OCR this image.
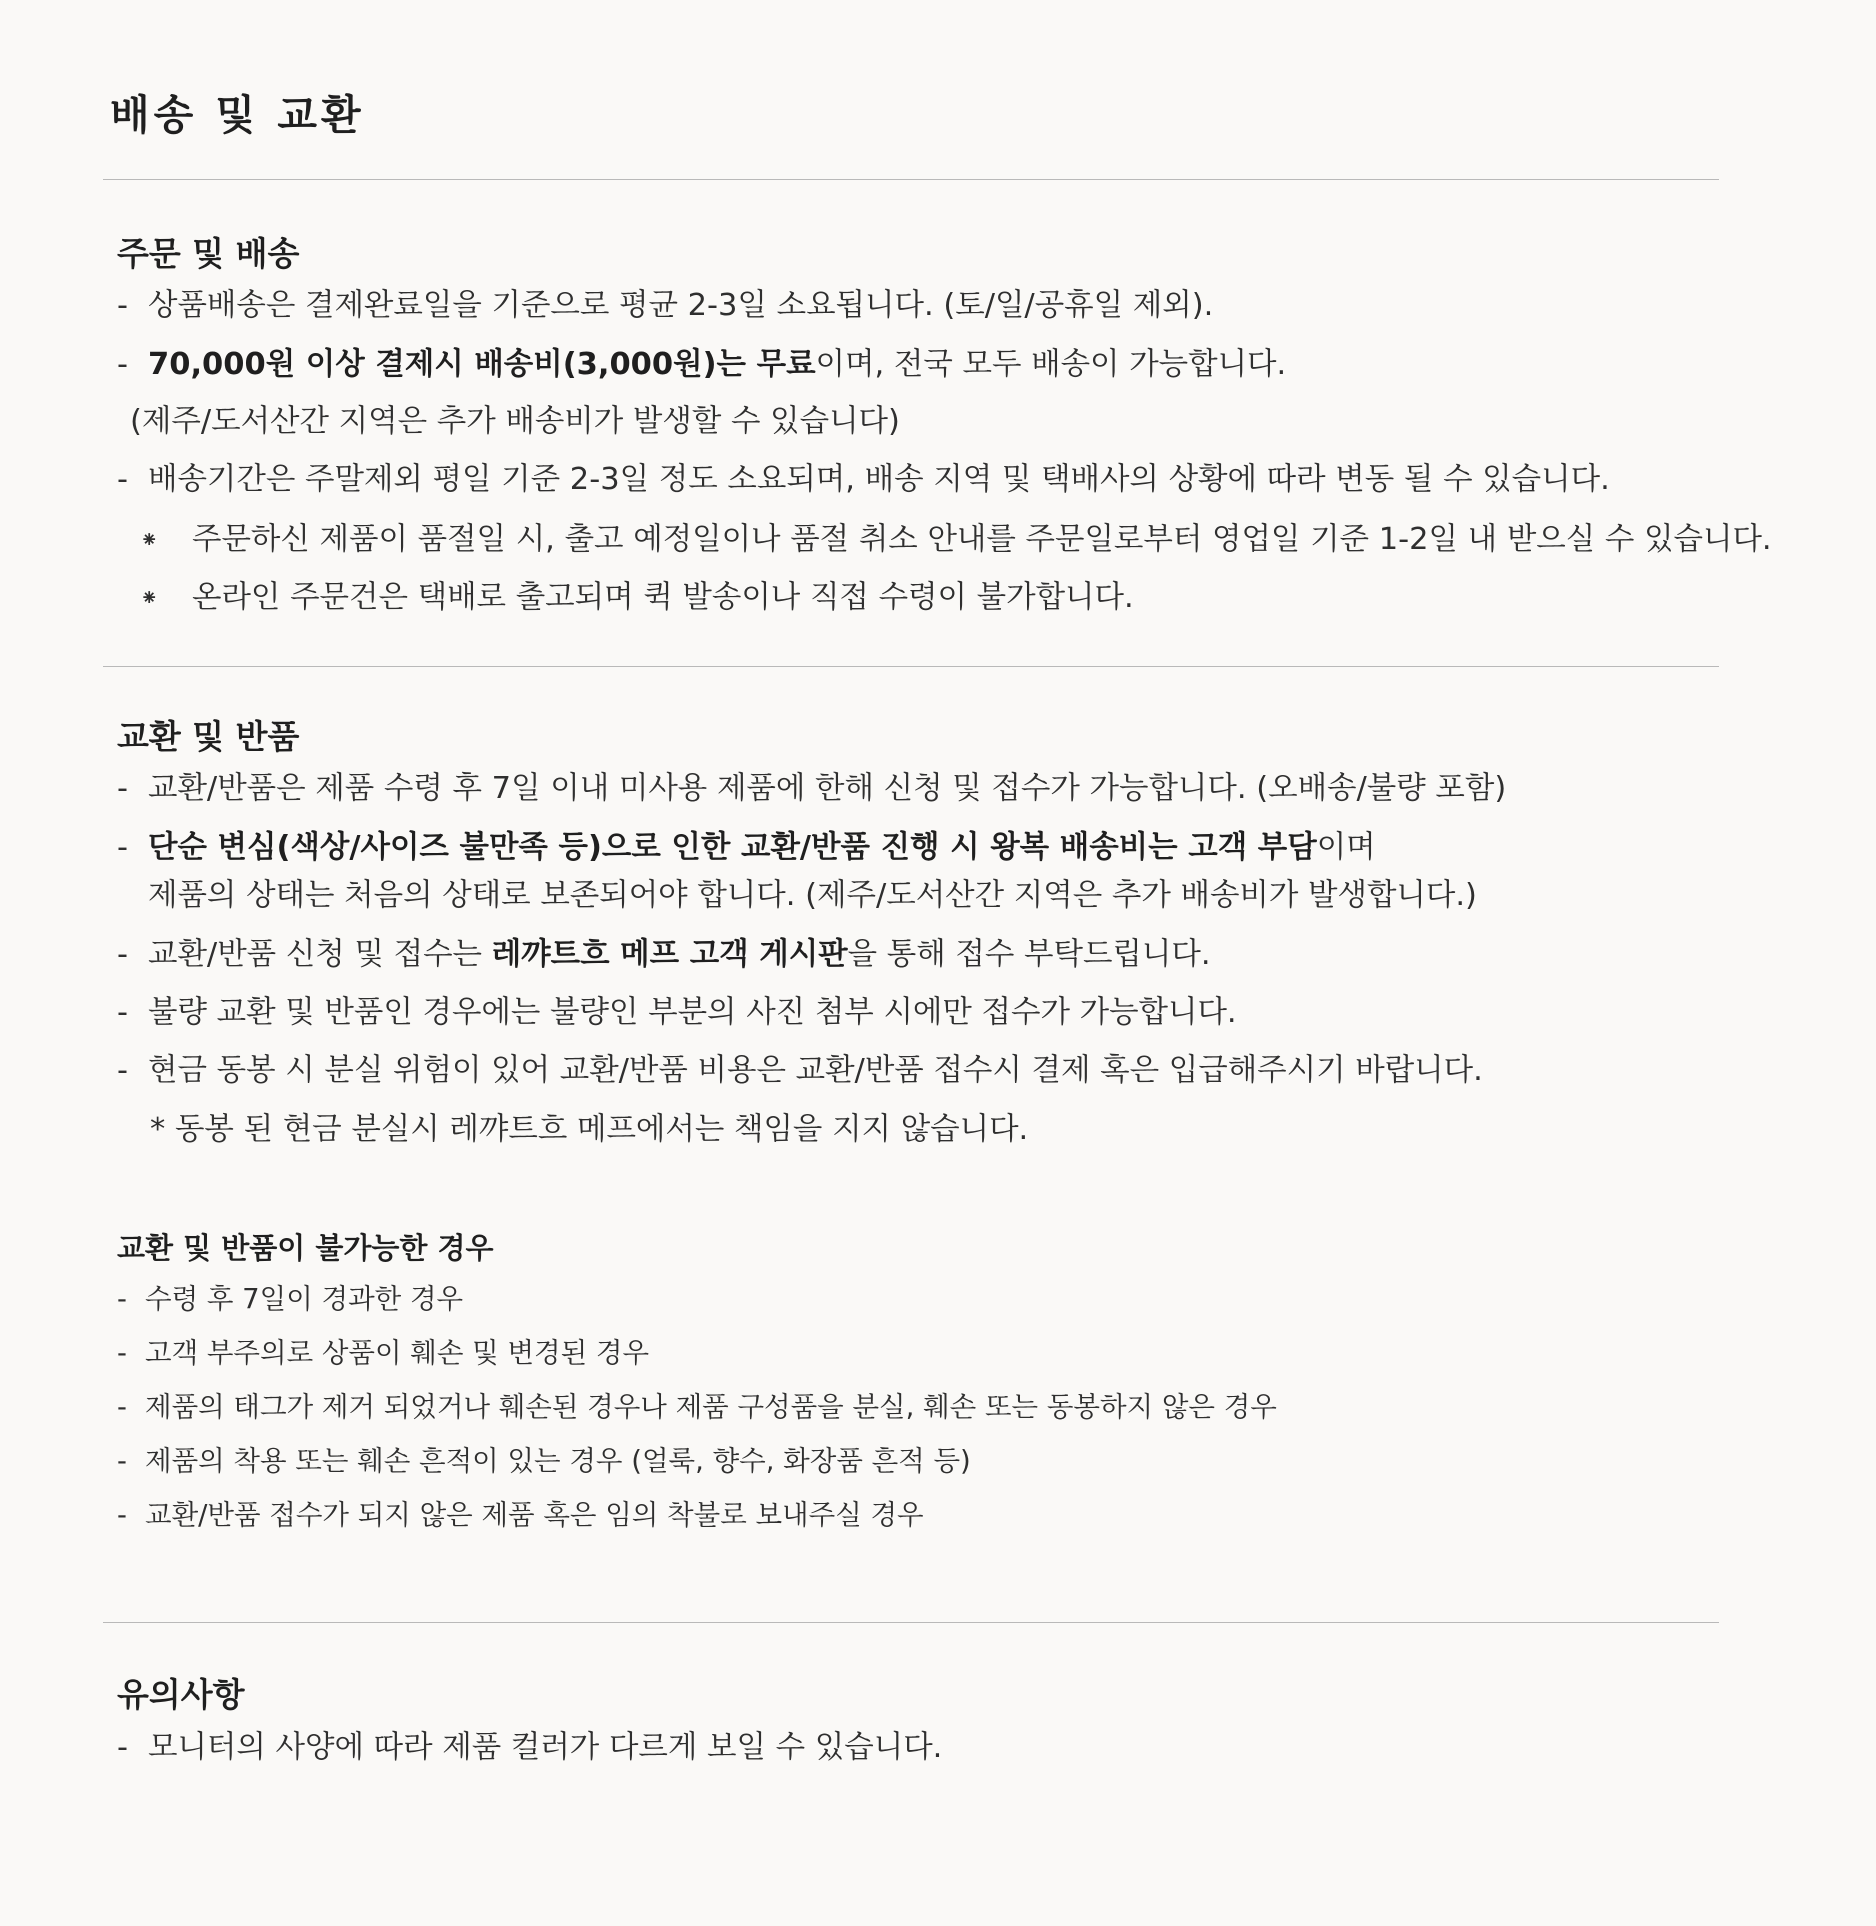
배송 및 교환
주문 및 배송

- 상품배송은 결제완료일을 기준으로 평균 2-3일 소요됩니다. (토/일/공휴일 제외).

- 70,000원 이상 결제시 배송비(3,000원)는 무료이며, 전국 모두 배송이 가능합니다.

(제주/도서산간 지역은 추가 배송비가 발생할 수 있습니다)

- 배송기간은 주말제외 평일 기준 2-3일 정도 소요되며, 배송 지역 및 택배사의 상황에 따라 변동 될 수 있습니다.

⁕ 주문하신 제품이 품절일 시, 출고 예정일이나 품절 취소 안내를 주문일로부터 영업일 기준 1-2일 내 받으실 수 있습니다.

⁕ 온라인 주문건은 택배로 출고되며 퀵 발송이나 직접 수령이 불가합니다.

교환 및 반품

- 교환/반품은 제품 수령 후 7일 이내 미사용 제품에 한해 신청 및 접수가 가능합니다. (오배송/불량 포함)

- 단순 변심(색상/사이즈 불만족 등)으로 인한 교환/반품 진행 시 왕복 배송비는 고객 부담이며

제품의 상태는 처음의 상태로 보존되어야 합니다. (제주/도서산간 지역은 추가 배송비가 발생합니다.)

- 교환/반품 신청 및 접수는 레꺄트흐 메프 고객 게시판을 통해 접수 부탁드립니다.

- 불량 교환 및 반품인 경우에는 불량인 부분의 사진 첨부 시에만 접수가 가능합니다.

- 현금 동봉 시 분실 위험이 있어 교환/반품 비용은 교환/반품 접수시 결제 혹은 입급해주시기 바랍니다.

* 동봉 된 현금 분실시 레꺄트흐 메프에서는 책임을 지지 않습니다.

교환 및 반품이 불가능한 경우

- 수령 후 7일이 경과한 경우

- 고객 부주의로 상품이 훼손 및 변경된 경우

- 제품의 태그가 제거 되었거나 훼손된 경우나 제품 구성품을 분실, 훼손 또는 동봉하지 않은 경우

- 제품의 착용 또는 훼손 흔적이 있는 경우 (얼룩, 향수, 화장품 흔적 등)

- 교환/반품 접수가 되지 않은 제품 혹은 임의 착불로 보내주실 경우

유의사항

- 모니터의 사양에 따라 제품 컬러가 다르게 보일 수 있습니다.
